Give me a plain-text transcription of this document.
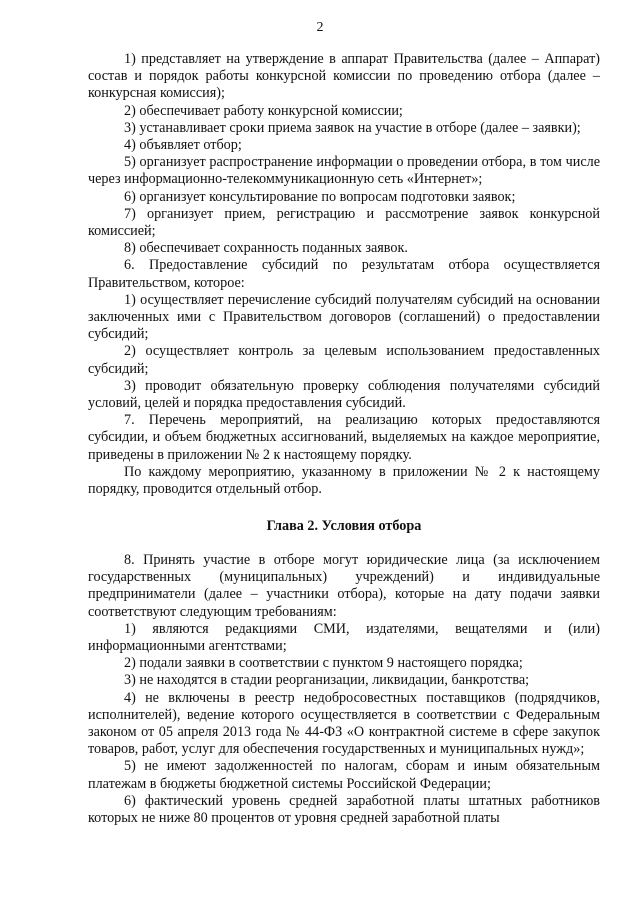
2

1) представляет на утверждение в аппарат Правительства (далее – Аппарат) состав и порядок работы конкурсной комиссии по проведению отбора (далее – конкурсная комиссия);

2) обеспечивает работу конкурсной комиссии;

3) устанавливает сроки приема заявок на участие в отборе (далее – заявки);

4) объявляет отбор;

5) организует распространение информации о проведении отбора, в том числе через информационно-телекоммуникационную сеть «Интернет»;

6) организует консультирование по вопросам подготовки заявок;

7) организует прием, регистрацию и рассмотрение заявок конкурсной комиссией;

8) обеспечивает сохранность поданных заявок.

6. Предоставление субсидий по результатам отбора осуществляется Правительством, которое:

1) осуществляет перечисление субсидий получателям субсидий на основании заключенных ими с Правительством договоров (соглашений) о предоставлении субсидий;

2) осуществляет контроль за целевым использованием предоставленных субсидий;

3) проводит обязательную проверку соблюдения получателями субсидий условий, целей и порядка предоставления субсидий.

7. Перечень мероприятий, на реализацию которых предоставляются субсидии, и объем бюджетных ассигнований, выделяемых на каждое мероприятие, приведены в приложении № 2 к настоящему порядку.

По каждому мероприятию, указанному в приложении № 2 к настоящему порядку, проводится отдельный отбор.

Глава 2. Условия отбора

8. Принять участие в отборе могут юридические лица (за исключением государственных (муниципальных) учреждений) и индивидуальные предприниматели (далее – участники отбора), которые на дату подачи заявки соответствуют следующим требованиям:

1) являются редакциями СМИ, издателями, вещателями и (или) информационными агентствами;

2) подали заявки в соответствии с пунктом 9 настоящего порядка;

3) не находятся в стадии реорганизации, ликвидации, банкротства;

4) не включены в реестр недобросовестных поставщиков (подрядчиков, исполнителей), ведение которого осуществляется в соответствии с Федеральным законом от 05 апреля 2013 года № 44-ФЗ «О контрактной системе в сфере закупок товаров, работ, услуг для обеспечения государственных и муниципальных нужд»;

5) не имеют задолженностей по налогам, сборам и иным обязательным платежам в бюджеты бюджетной системы Российской Федерации;

6) фактический уровень средней заработной платы штатных работников которых не ниже 80 процентов от уровня средней заработной платы
